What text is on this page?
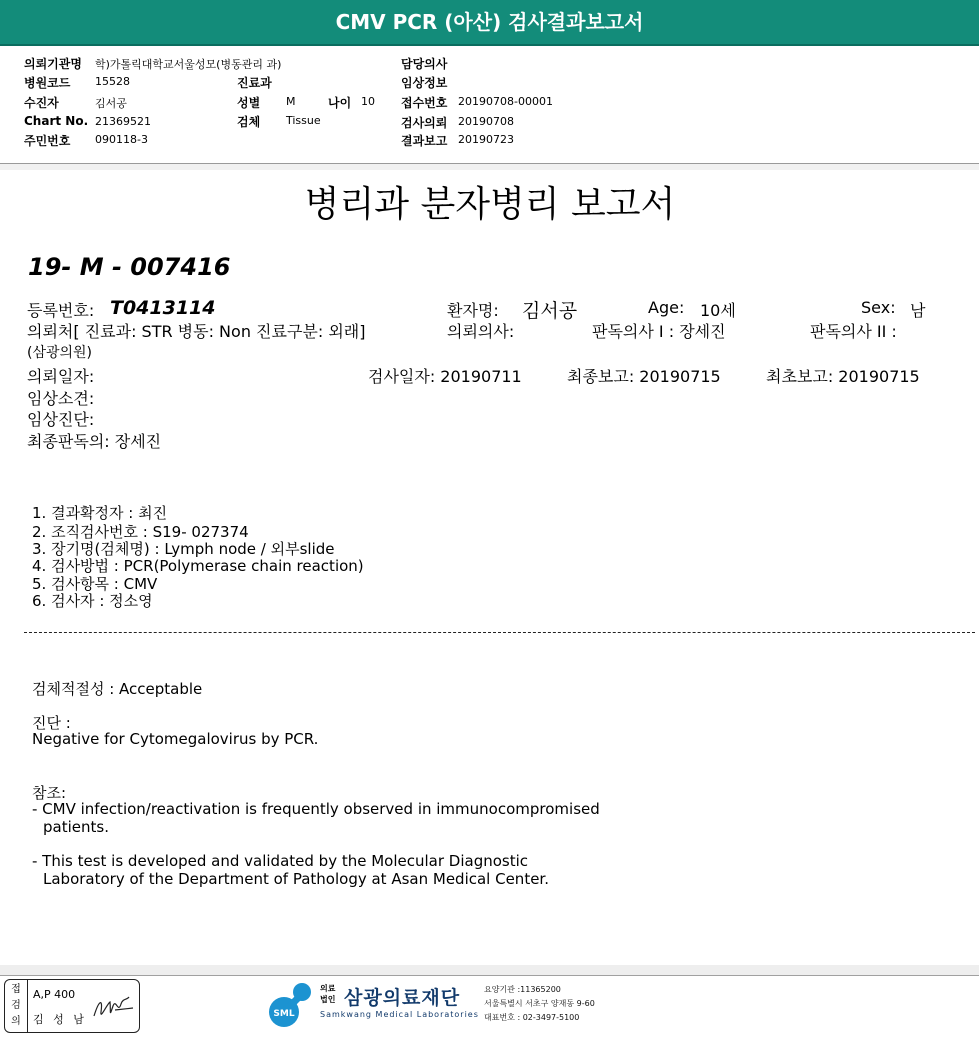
CMV PCR (아산) 검사결과보고서
의뢰기관명 학)가톨릭대학교서울성모(병동관리 과)
병원코드 15528	진료과
수진자	김서공	성별 M	나이 10
Chart No. 21369521	검체 Tissue
주민번호 090118-3
담당의사
임상정보
접수번호 20190708-00001
검사의뢰 20190708
결과보고 20190723
병리과 분자병리 보고서
19- M - 007416
등록번호: T0413114	환자명: 김서공	Age: 10세	Sex: 남
의뢰처[ 진료과: STR 병동: Non 진료구분: 외래]	의뢰의사:	판독의사 I : 장세진	판독의사 II :
(삼광의원)
의뢰일자:	검사일자: 20190711	최종보고: 20190715	최초보고: 20190715
임상소견:
임상진단:
최종판독의: 장세진
1. 결과확정자 : 최진
2. 조직검사번호 : S19- 027374
3. 장기명(검체명) : Lymph node / 외부slide
4. 검사방법 : PCR(Polymerase chain reaction)
5. 검사항목 : CMV
6. 검사자 : 정소영
검체적절성 : Acceptable
진단 :
Negative for Cytomegalovirus by PCR.
참조:
- CMV infection/reactivation is frequently observed in immunocompromised
patients.
- This test is developed and validated by the Molecular Diagnostic
Laboratory of the Department of Pathology at Asan Medical Center.
접
검
의
A,P 400
김 성 남	SML
의료
법인 삼광의료재단
Samkwang Medical Laboratories
요양기관 :11365200
서울특별시 서초구 양재동 9-60
대표번호 : 02-3497-5100
